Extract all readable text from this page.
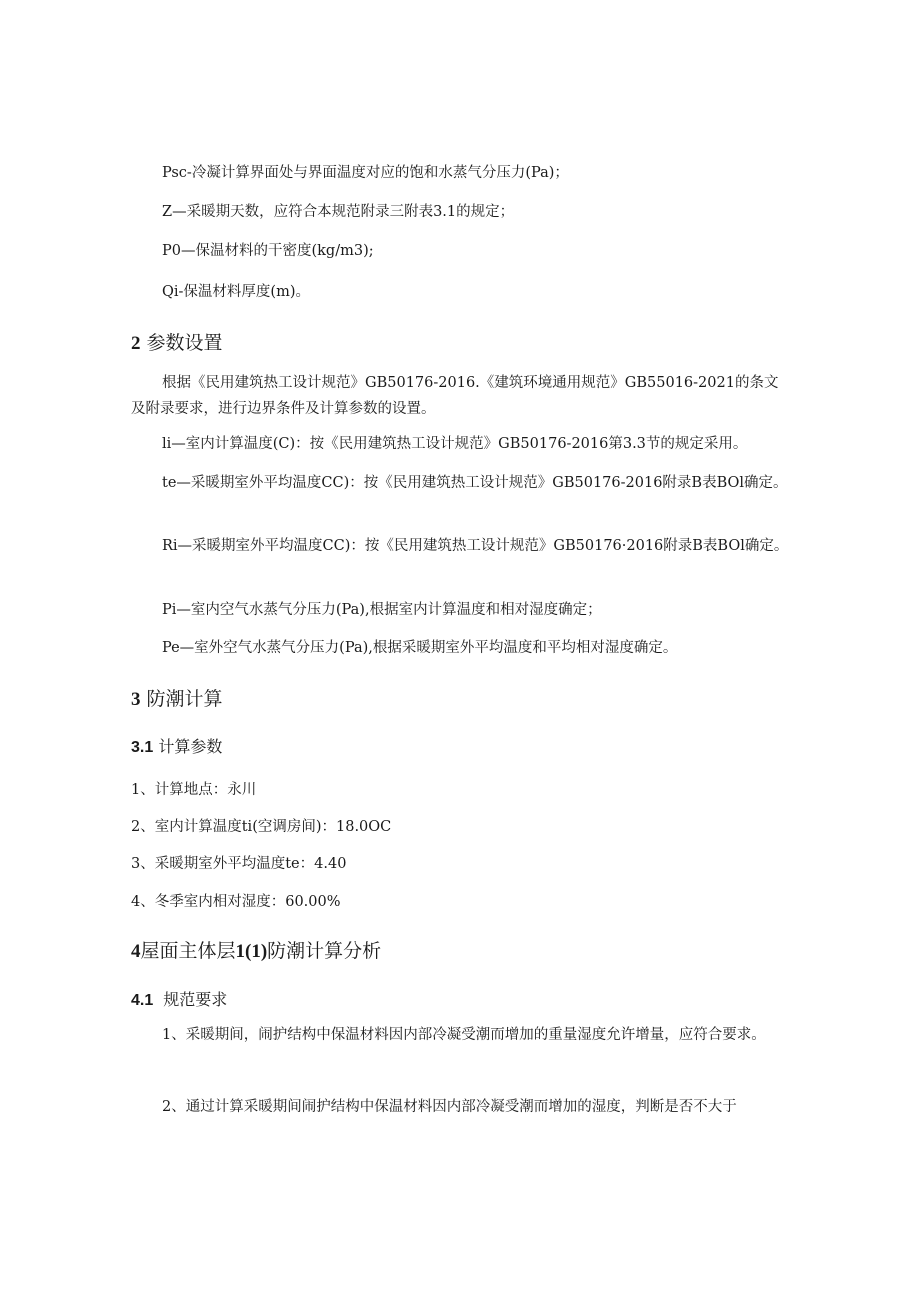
Psc-冷凝计算界面处与界面温度对应的饱和水蒸气分压力(Pa)；

Z—采暖期天数，应符合本规范附录三附表3.1的规定；

P0—保温材料的干密度(kg/m3);

Qi-保温材料厚度(m)。

2 参数设置

根据《民用建筑热工设计规范》GB50176-2016.《建筑环境通用规范》GB55016-2021的条文及附录要求，进行边界条件及计算参数的设置。

li—室内计算温度(C)：按《民用建筑热工设计规范》GB50176-2016第3.3节的规定采用。

te—采暖期室外平均温度CC)：按《民用建筑热工设计规范》GB50176-2016附录B表BOl确定。

Ri—采暖期室外平均温度CC)：按《民用建筑热工设计规范》GB50176·2016附录B表BOl确定。

Pi—室内空气水蒸气分压力(Pa),根据室内计算温度和相对湿度确定；

Pe—室外空气水蒸气分压力(Pa),根据采暖期室外平均温度和平均相对湿度确定。

3 防潮计算
3.1 计算参数

1、计算地点：永川

2、室内计算温度ti(空调房间)：18.0OC

3、采暖期室外平均温度te：4.40

4、冬季室内相对湿度：60.00%

4屋面主体层1(1)防潮计算分析
4.1 规范要求

1、采暖期间，闹护结构中保温材料因内部冷凝受潮而增加的重量湿度允许增量，应符合要求。

2、通过计算采暖期间闹护结构中保温材料因内部冷凝受潮而增加的湿度，判断是否不大于
